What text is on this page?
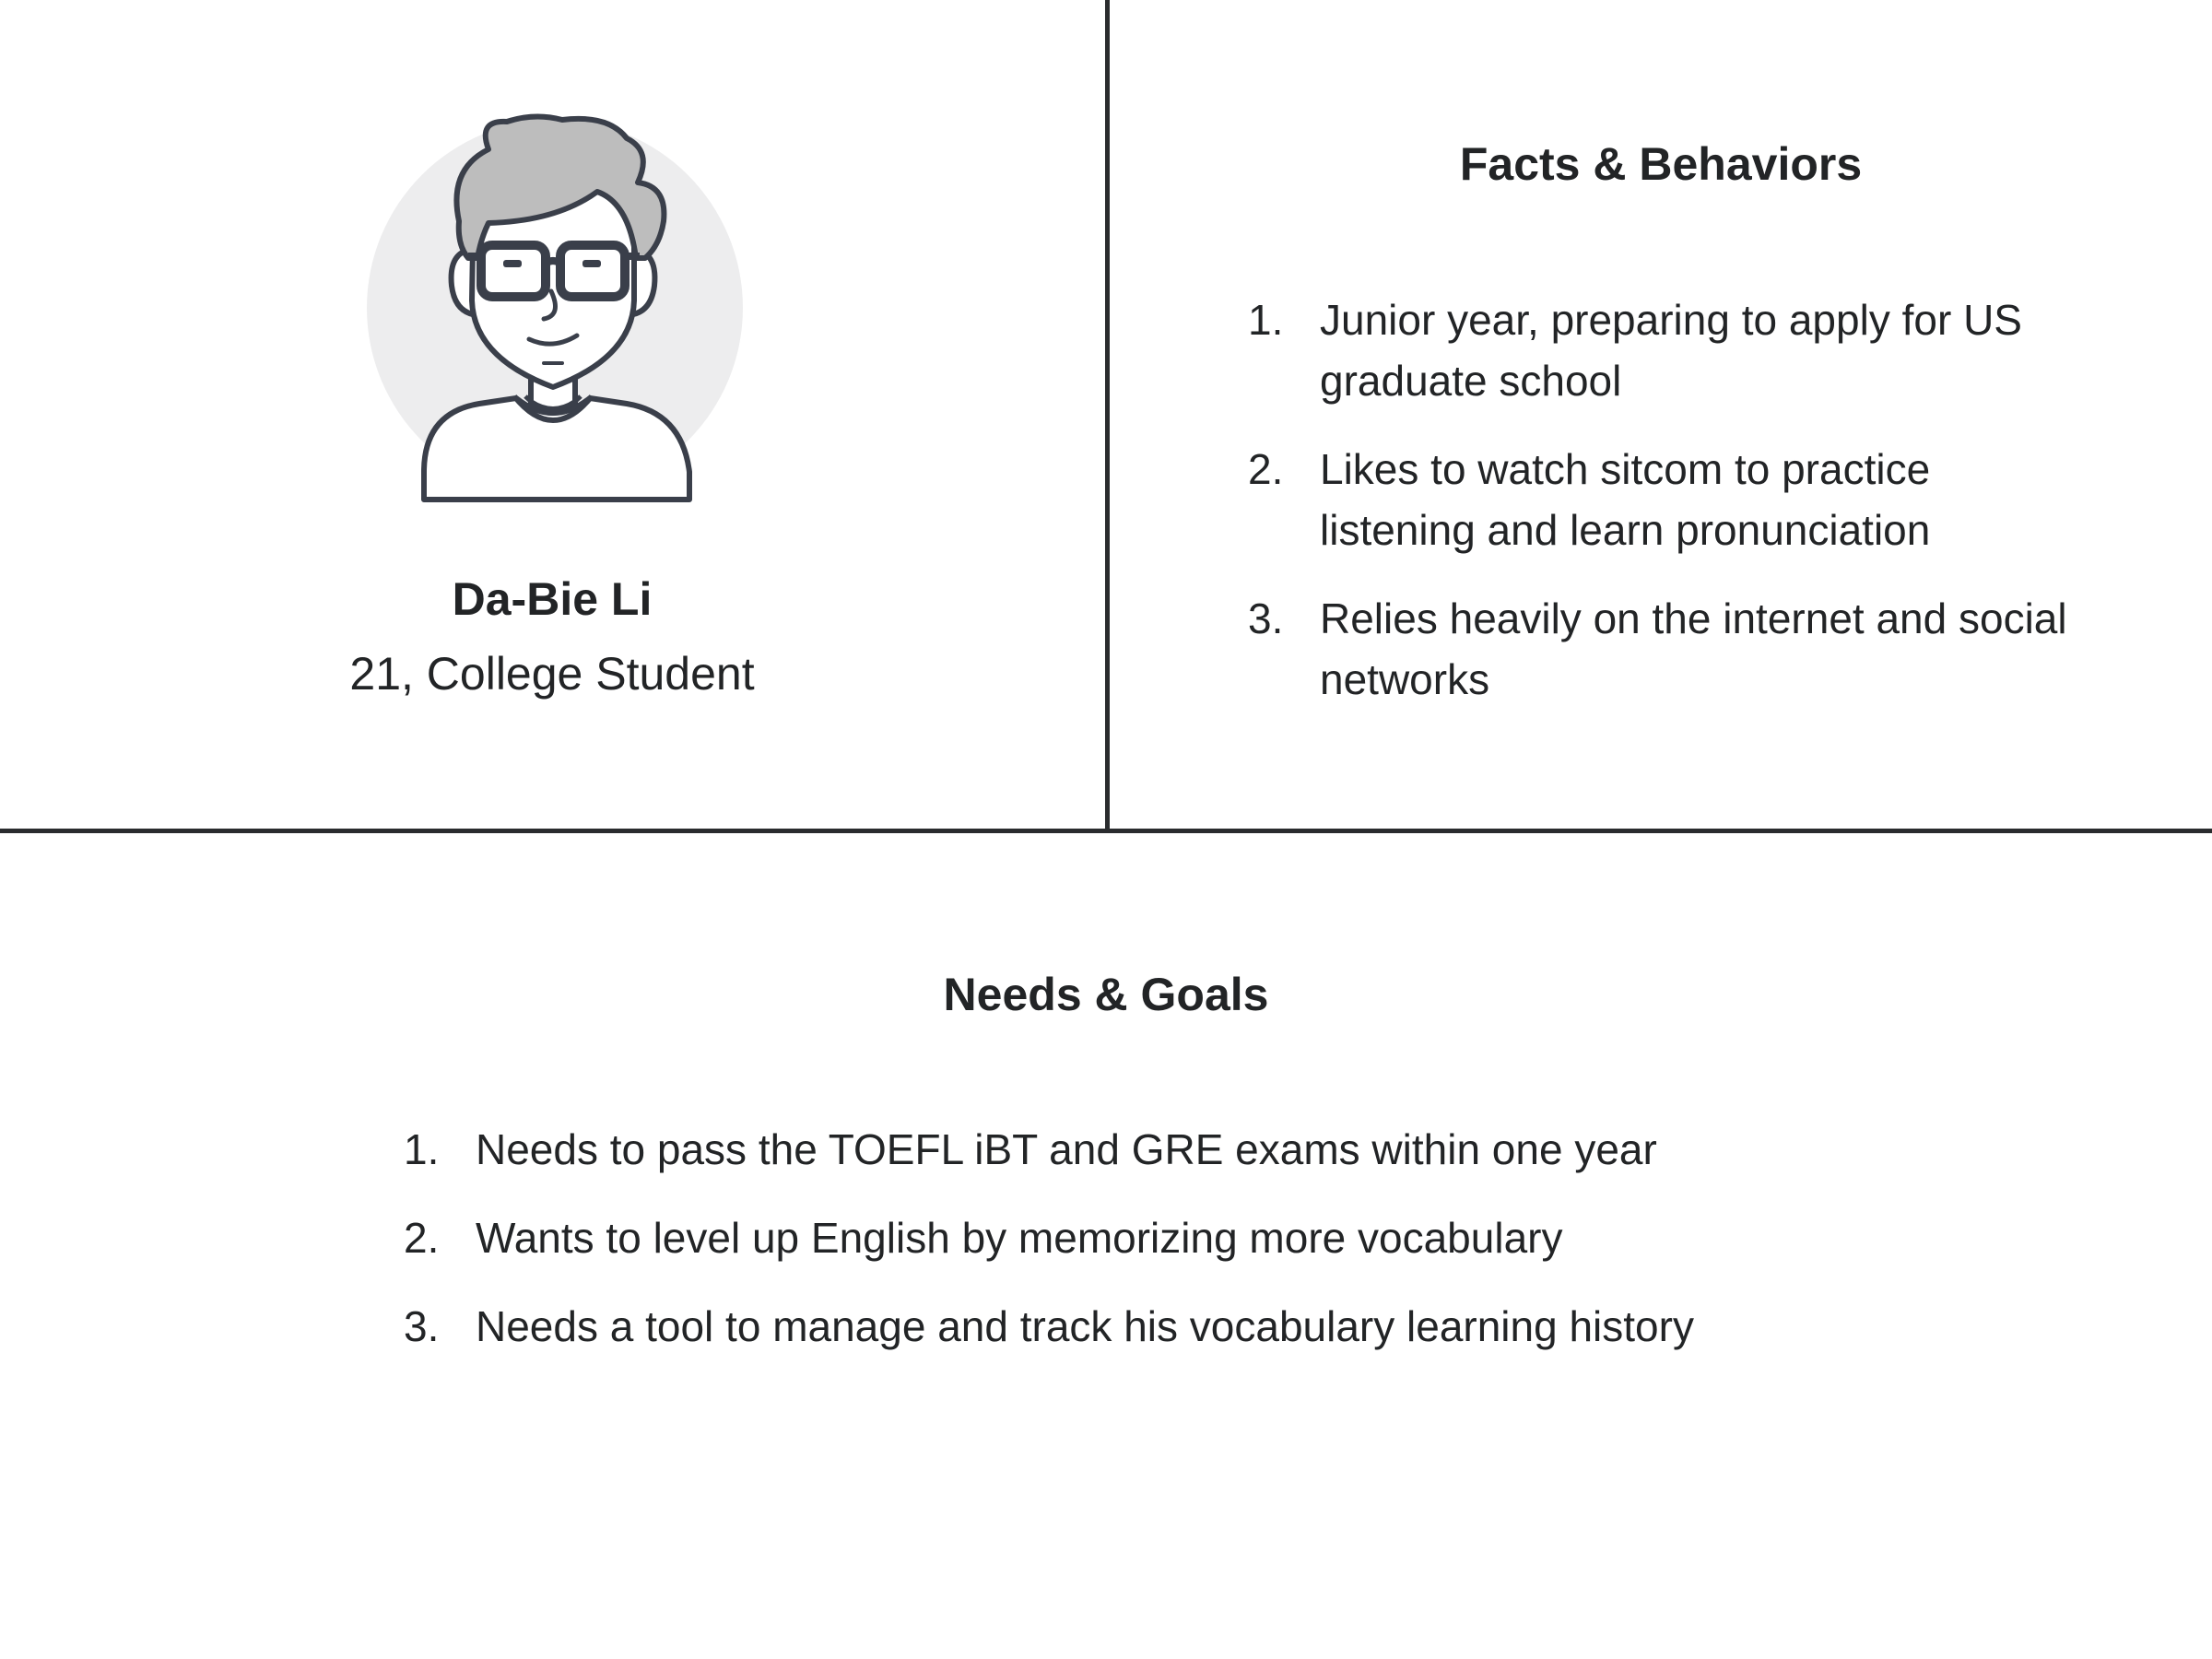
Da-Bie Li
21, College Student
Facts & Behaviors
1. Junior year, preparing to apply for US graduate school
2. Likes to watch sitcom to practice listening and learn pronunciation
3. Relies heavily on the internet and social networks
Needs & Goals
1. Needs to pass the TOEFL iBT and GRE exams within one year
2. Wants to level up English by memorizing more vocabulary
3. Needs a tool to manage and track his vocabulary learning history
